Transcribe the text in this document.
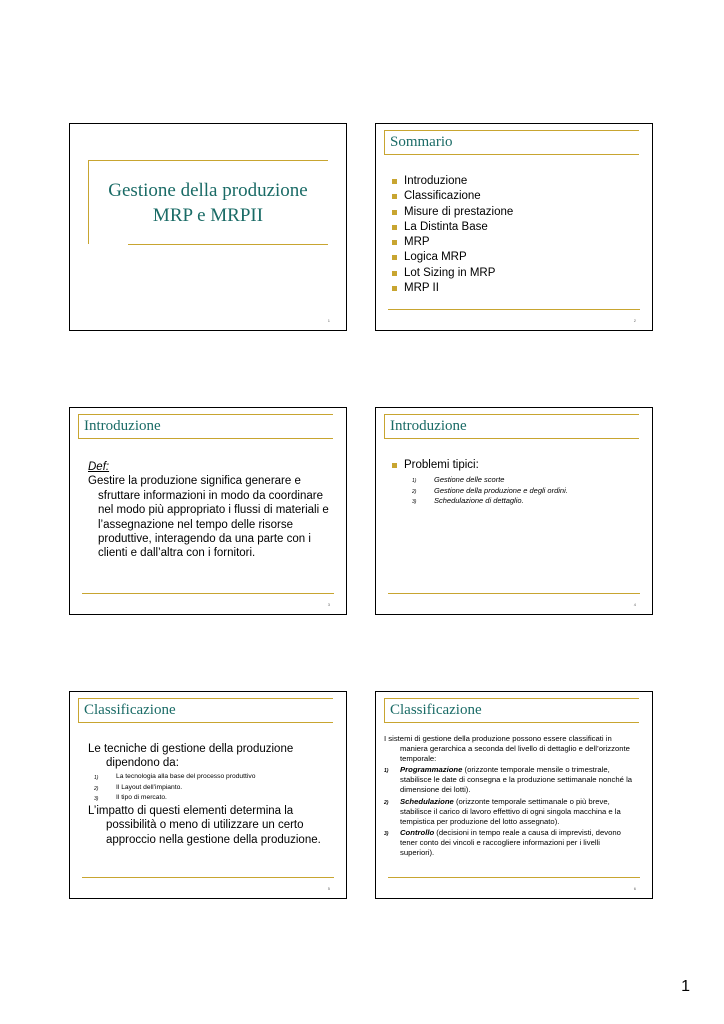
Gestione della produzione
MRP e MRPII
1
Sommario
Introduzione
Classificazione
Misure di prestazione
La Distinta Base
MRP
Logica MRP
Lot Sizing in MRP
MRP II
2
Introduzione
Def:
Gestire la produzione significa generare e
sfruttare informazioni in modo da coordinare
nel modo più appropriato i flussi di materiali e
l’assegnazione nel tempo delle risorse
produttive, interagendo da una parte con i
clienti e dall’altra con i fornitori.
3
Introduzione
Problemi tipici:
1) Gestione delle scorte
2) Gestione della produzione e degli ordini.
3) Schedulazione di dettaglio.
4
Classificazione
Le tecniche di gestione della produzione
dipendono da:
1)	La tecnologia alla base del processo produttivo
2)	Il Layout dell’impianto.
3)	Il tipo di mercato.
L’impatto di questi elementi determina la
possibilità o meno di utilizzare un certo
approccio nella gestione della produzione.
5
Classificazione
I sistemi di gestione della produzione possono essere classificati in
maniera gerarchica a seconda del livello di dettaglio e dell’orizzonte
temporale:
1) Programmazione (orizzonte temporale mensile o trimestrale,
stabilisce le date di consegna e la produzione settimanale nonché la
dimensione dei lotti).
2) Schedulazione (orizzonte temporale settimanale o più breve,
stabilisce il carico di lavoro effettivo di ogni singola macchina e la
tempistica per produzione del lotto assegnato).
3) Controllo (decisioni in tempo reale a causa di imprevisti, devono
tener conto dei vincoli e raccogliere informazioni per i livelli
superiori).
6
1
